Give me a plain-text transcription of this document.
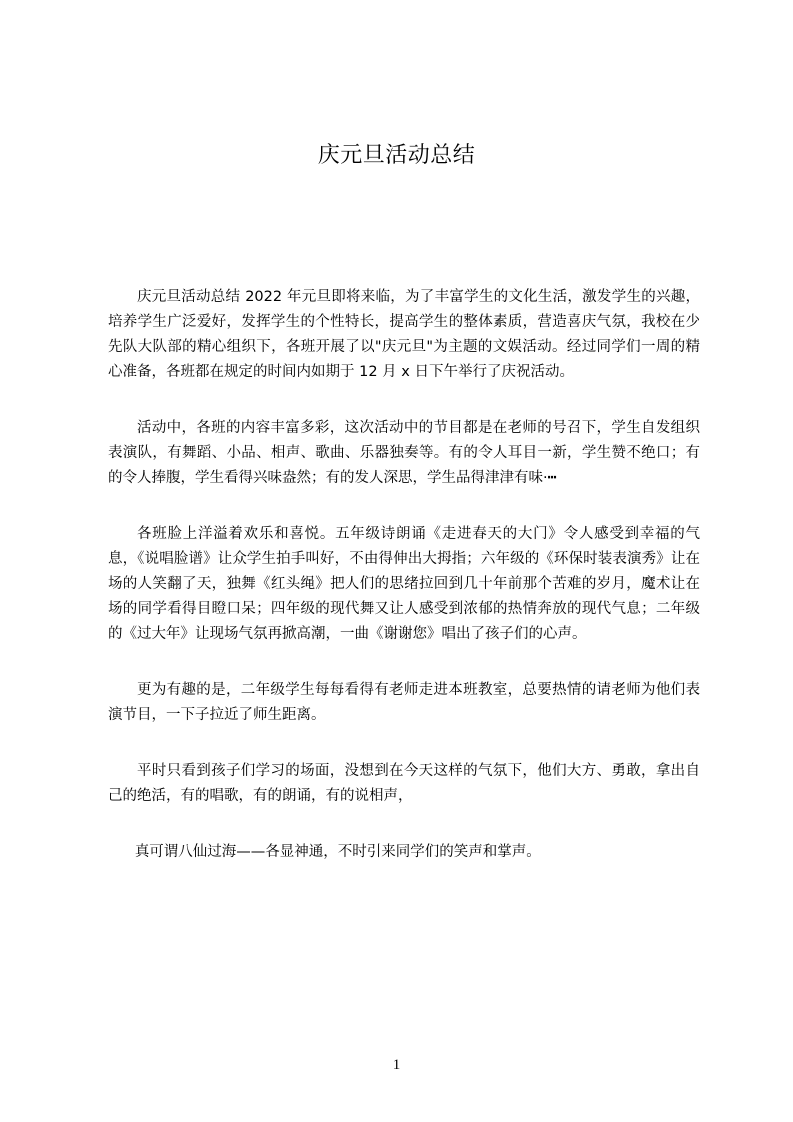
庆元旦活动总结

庆元旦活动总结 2022 年元旦即将来临，为了丰富学生的文化生活，激发学生的兴趣，培养学生广泛爱好，发挥学生的个性特长，提高学生的整体素质，营造喜庆气氛，我校在少先队大队部的精心组织下，各班开展了以"庆元旦"为主题的文娱活动。经过同学们一周的精心准备，各班都在规定的时间内如期于 12 月 x 日下午举行了庆祝活动。

活动中，各班的内容丰富多彩，这次活动中的节目都是在老师的号召下，学生自发组织表演队，有舞蹈、小品、相声、歌曲、乐器独奏等。有的令人耳目一新，学生赞不绝口；有的令人捧腹，学生看得兴味盎然；有的发人深思，学生品得津津有味·┅

各班脸上洋溢着欢乐和喜悦。五年级诗朗诵《走进春天的大门》令人感受到幸福的气息，《说唱脸谱》让众学生拍手叫好，不由得伸出大拇指；六年级的《环保时装表演秀》让在场的人笑翻了天，独舞《红头绳》把人们的思绪拉回到几十年前那个苦难的岁月，魔术让在场的同学看得目瞪口呆；四年级的现代舞又让人感受到浓郁的热情奔放的现代气息；二年级的《过大年》让现场气氛再掀高潮，一曲《谢谢您》唱出了孩子们的心声。

更为有趣的是，二年级学生每每看得有老师走进本班教室，总要热情的请老师为他们表演节目，一下子拉近了师生距离。

平时只看到孩子们学习的场面，没想到在今天这样的气氛下，他们大方、勇敢，拿出自己的绝活，有的唱歌，有的朗诵，有的说相声，

真可谓八仙过海——各显神通，不时引来同学们的笑声和掌声。

1
